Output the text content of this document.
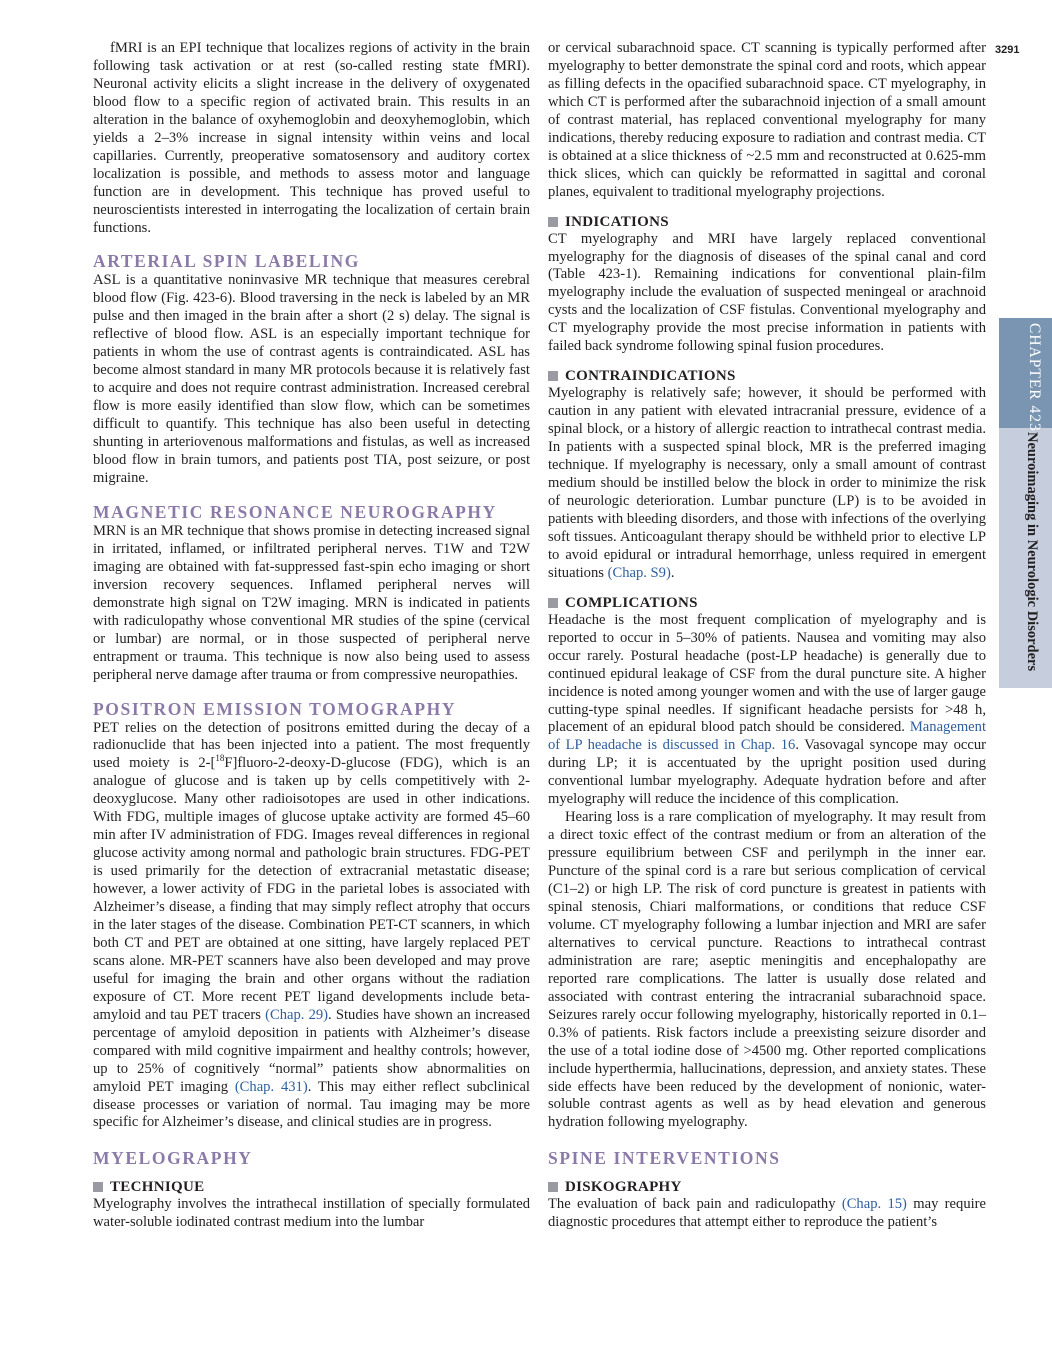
3291
CHAPTER 423
Neuroimaging in Neurologic Disorders

fMRI is an EPI technique that localizes regions of activity in the brain following task activation or at rest (so-called resting state fMRI). Neuronal activity elicits a slight increase in the delivery of oxygenated blood flow to a specific region of activated brain. This results in an alteration in the balance of oxyhemoglobin and deoxyhemoglobin, which yields a 2–3% increase in signal intensity within veins and local capillaries. Currently, preoperative somatosensory and auditory cortex localization is possible, and methods to assess motor and language function are in development. This technique has proved useful to neuroscientists interested in interrogating the localization of certain brain functions.

ARTERIAL SPIN LABELING

ASL is a quantitative noninvasive MR technique that measures cerebral blood flow (Fig. 423-6). Blood traversing in the neck is labeled by an MR pulse and then imaged in the brain after a short (2 s) delay. The signal is reflective of blood flow. ASL is an especially important technique for patients in whom the use of contrast agents is contraindicated. ASL has become almost standard in many MR protocols because it is relatively fast to acquire and does not require contrast administration. Increased cerebral flow is more easily identified than slow flow, which can be sometimes difficult to quantify. This technique has also been useful in detecting shunting in arteriovenous malformations and fistulas, as well as increased blood flow in brain tumors, and patients post TIA, post seizure, or post migraine.

MAGNETIC RESONANCE NEUROGRAPHY

MRN is an MR technique that shows promise in detecting increased signal in irritated, inflamed, or infiltrated peripheral nerves. T1W and T2W imaging are obtained with fat-suppressed fast-spin echo imaging or short inversion recovery sequences. Inflamed peripheral nerves will demonstrate high signal on T2W imaging. MRN is indicated in patients with radiculopathy whose conventional MR studies of the spine (cervical or lumbar) are normal, or in those suspected of peripheral nerve entrapment or trauma. This technique is now also being used to assess peripheral nerve damage after trauma or from compressive neuropathies.

POSITRON EMISSION TOMOGRAPHY

PET relies on the detection of positrons emitted during the decay of a radionuclide that has been injected into a patient. The most frequently used moiety is 2-[$^{18}$F]fluoro-2-deoxy-D-glucose (FDG), which is an analogue of glucose and is taken up by cells competitively with 2-deoxyglucose. Many other radioisotopes are used in other indications. With FDG, multiple images of glucose uptake activity are formed 45–60 min after IV administration of FDG. Images reveal differences in regional glucose activity among normal and pathologic brain structures. FDG-PET is used primarily for the detection of extracranial metastatic disease; however, a lower activity of FDG in the parietal lobes is associated with Alzheimer’s disease, a finding that may simply reflect atrophy that occurs in the later stages of the disease. Combination PET-CT scanners, in which both CT and PET are obtained at one sitting, have largely replaced PET scans alone. MR-PET scanners have also been developed and may prove useful for imaging the brain and other organs without the radiation exposure of CT. More recent PET ligand developments include beta-amyloid and tau PET tracers (Chap. 29). Studies have shown an increased percentage of amyloid deposition in patients with Alzheimer’s disease compared with mild cognitive impairment and healthy controls; however, up to 25% of cognitively “normal” patients show abnormalities on amyloid PET imaging (Chap. 431). This may either reflect subclinical disease processes or variation of normal. Tau imaging may be more specific for Alzheimer’s disease, and clinical studies are in progress.

MYELOGRAPHY
TECHNIQUE

Myelography involves the intrathecal instillation of specially formulated water-soluble iodinated contrast medium into the lumbar

or cervical subarachnoid space. CT scanning is typically performed after myelography to better demonstrate the spinal cord and roots, which appear as filling defects in the opacified subarachnoid space. CT myelography, in which CT is performed after the subarachnoid injection of a small amount of contrast material, has replaced conventional myelography for many indications, thereby reducing exposure to radiation and contrast media. CT is obtained at a slice thickness of ~2.5 mm and reconstructed at 0.625-mm thick slices, which can quickly be reformatted in sagittal and coronal planes, equivalent to traditional myelography projections.

INDICATIONS

CT myelography and MRI have largely replaced conventional myelography for the diagnosis of diseases of the spinal canal and cord (Table 423-1). Remaining indications for conventional plain-film myelography include the evaluation of suspected meningeal or arachnoid cysts and the localization of CSF fistulas. Conventional myelography and CT myelography provide the most precise information in patients with failed back syndrome following spinal fusion procedures.

CONTRAINDICATIONS

Myelography is relatively safe; however, it should be performed with caution in any patient with elevated intracranial pressure, evidence of a spinal block, or a history of allergic reaction to intrathecal contrast media. In patients with a suspected spinal block, MR is the preferred imaging technique. If myelography is necessary, only a small amount of contrast medium should be instilled below the block in order to minimize the risk of neurologic deterioration. Lumbar puncture (LP) is to be avoided in patients with bleeding disorders, and those with infections of the overlying soft tissues. Anticoagulant therapy should be withheld prior to elective LP to avoid epidural or intradural hemorrhage, unless required in emergent situations (Chap. S9).

COMPLICATIONS

Headache is the most frequent complication of myelography and is reported to occur in 5–30% of patients. Nausea and vomiting may also occur rarely. Postural headache (post-LP headache) is generally due to continued epidural leakage of CSF from the dural puncture site. A higher incidence is noted among younger women and with the use of larger gauge cutting-type spinal needles. If significant headache persists for >48 h, placement of an epidural blood patch should be considered. Management of LP headache is discussed in Chap. 16. Vasovagal syncope may occur during LP; it is accentuated by the upright position used during conventional lumbar myelography. Adequate hydration before and after myelography will reduce the incidence of this complication.

Hearing loss is a rare complication of myelography. It may result from a direct toxic effect of the contrast medium or from an alteration of the pressure equilibrium between CSF and perilymph in the inner ear. Puncture of the spinal cord is a rare but serious complication of cervical (C1–2) or high LP. The risk of cord puncture is greatest in patients with spinal stenosis, Chiari malformations, or conditions that reduce CSF volume. CT myelography following a lumbar injection and MRI are safer alternatives to cervical puncture. Reactions to intrathecal contrast administration are rare; aseptic meningitis and encephalopathy are reported rare complications. The latter is usually dose related and associated with contrast entering the intracranial subarachnoid space. Seizures rarely occur following myelography, historically reported in 0.1–0.3% of patients. Risk factors include a preexisting seizure disorder and the use of a total iodine dose of >4500 mg. Other reported complications include hyperthermia, hallucinations, depression, and anxiety states. These side effects have been reduced by the development of nonionic, water-soluble contrast agents as well as by head elevation and generous hydration following myelography.

SPINE INTERVENTIONS
DISKOGRAPHY

The evaluation of back pain and radiculopathy (Chap. 15) may require diagnostic procedures that attempt either to reproduce the patient’s
